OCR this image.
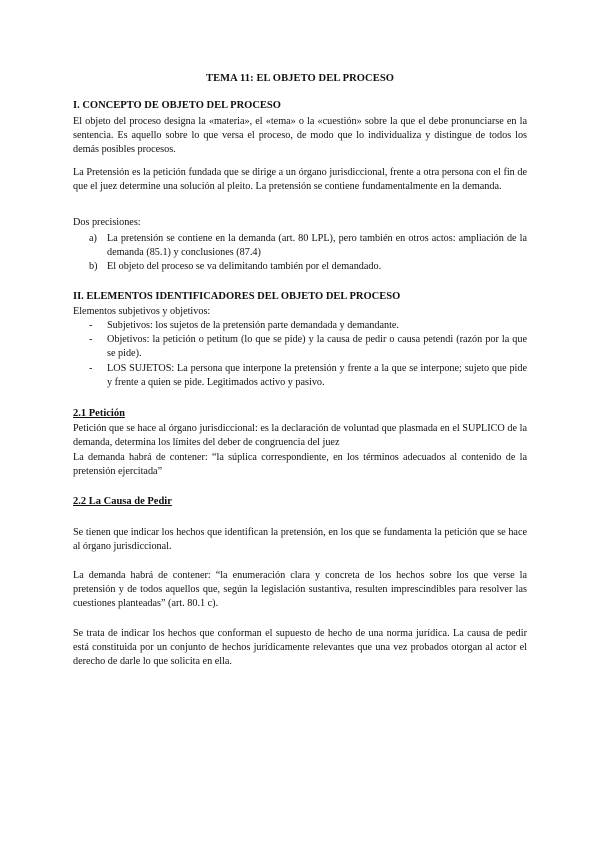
TEMA 11: EL OBJETO DEL PROCESO
I. CONCEPTO DE OBJETO DEL PROCESO

El objeto del proceso designa la «materia», el «tema» o la «cuestión» sobre la que el debe pronunciarse en la sentencia. Es aquello sobre lo que versa el proceso, de modo que lo individualiza y distingue de todos los demás posibles procesos.

La Pretensión es la petición fundada que se dirige a un órgano jurisdiccional, frente a otra persona con el fin de que el juez determine una solución al pleito. La pretensión se contiene fundamentalmente en la demanda.

Dos precisiones:

a) La pretensión se contiene en la demanda (art. 80 LPL), pero también en otros actos: ampliación de la demanda (85.1) y conclusiones (87.4)
b) El objeto del proceso se va delimitando también por el demandado.
II. ELEMENTOS IDENTIFICADORES DEL OBJETO DEL PROCESO

Elementos subjetivos y objetivos:

- Subjetivos: los sujetos de la pretensión parte demandada y demandante.
- Objetivos: la petición o petitum (lo que se pide) y la causa de pedir o causa petendi (razón por la que se pide).
- LOS SUJETOS: La persona que interpone la pretensión y frente a la que se interpone; sujeto que pide y frente a quien se pide. Legitimados activo y pasivo.
2.1 Petición

Petición que se hace al órgano jurisdiccional: es la declaración de voluntad que plasmada en el SUPLICO de la demanda, determina los límites del deber de congruencia del juez

La demanda habrá de contener: “la súplica correspondiente, en los términos adecuados al contenido de la pretensión ejercitada”

2.2 La Causa de Pedir

Se tienen que indicar los hechos que identifican la pretensión, en los que se fundamenta la petición que se hace al órgano jurisdiccional.

La demanda habrá de contener: “la enumeración clara y concreta de los hechos sobre los que verse la pretensión y de todos aquellos que, según la legislación sustantiva, resulten imprescindibles para resolver las cuestiones planteadas” (art. 80.1 c).

Se trata de indicar los hechos que conforman el supuesto de hecho de una norma jurídica. La causa de pedir está constituida por un conjunto de hechos jurídicamente relevantes que una vez probados otorgan al actor el derecho de darle lo que solicita en ella.
